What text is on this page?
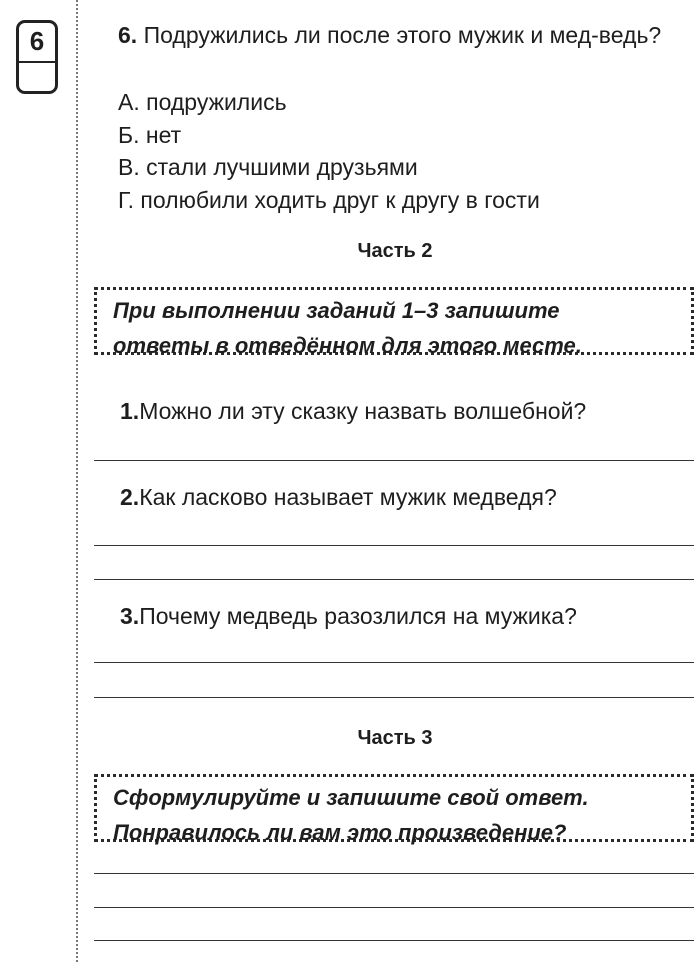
6	6. Подружились ли после этого мужик и мед-ведь?

А. подружились
Б. нет
В. стали лучшими друзьями
Г. полюбили ходить друг к другу в гости
Часть 2
При выполнении заданий 1–3 запишите
ответы в отведённом для этого месте.
1.Можно ли эту сказку назвать волшебной?
2.Как ласково называет мужик медведя?
3.Почему медведь разозлился на мужика?
Часть 3
Сформулируйте и запишите свой ответ.
Понравилось ли вам это произведение?
